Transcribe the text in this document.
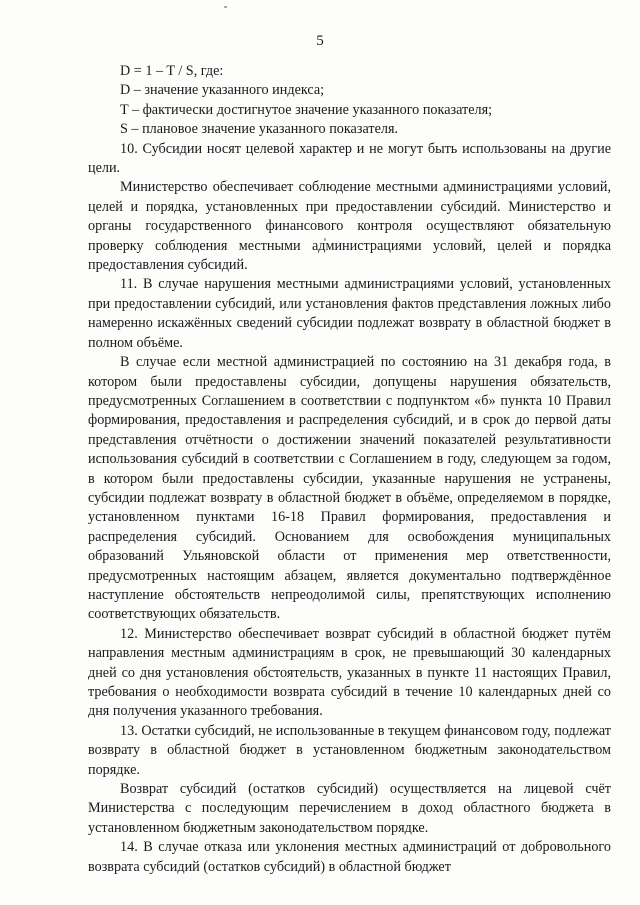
5

D = 1 – T / S, где:

D – значение указанного индекса;

T – фактически достигнутое значение указанного показателя;

S – плановое значение указанного показателя.

10. Субсидии носят целевой характер и не могут быть использованы на другие цели.

Министерство обеспечивает соблюдение местными администрациями условий, целей и порядка, установленных при предоставлении субсидий. Министерство и органы государственного финансового контроля осуществляют обязательную проверку соблюдения местными администрациями условий, целей и порядка предоставления субсидий.

11. В случае нарушения местными администрациями условий, установленных при предоставлении субсидий, или установления фактов представления ложных либо намеренно искажённых сведений субсидии подлежат возврату в областной бюджет в полном объёме.

В случае если местной администрацией по состоянию на 31 декабря года, в котором были предоставлены субсидии, допущены нарушения обязательств, предусмотренных Соглашением в соответствии с подпунктом «б» пункта 10 Правил формирования, предоставления и распределения субсидий, и в срок до первой даты представления отчётности о достижении значений показателей результативности использования субсидий в соответствии с Соглашением в году, следующем за годом, в котором были предоставлены субсидии, указанные нарушения не устранены, субсидии подлежат возврату в областной бюджет в объёме, определяемом в порядке, установленном пунктами 16-18 Правил формирования, предоставления и распределения субсидий. Основанием для освобождения муниципальных образований Ульяновской области от применения мер ответственности, предусмотренных настоящим абзацем, является документально подтверждённое наступление обстоятельств непреодолимой силы, препятствующих исполнению соответствующих обязательств.

12. Министерство обеспечивает возврат субсидий в областной бюджет путём направления местным администрациям в срок, не превышающий 30 календарных дней со дня установления обстоятельств, указанных в пункте 11 настоящих Правил, требования о необходимости возврата субсидий в течение 10 календарных дней со дня получения указанного требования.

13. Остатки субсидий, не использованные в текущем финансовом году, подлежат возврату в областной бюджет в установленном бюджетным законодательством порядке.

Возврат субсидий (остатков субсидий) осуществляется на лицевой счёт Министерства с последующим перечислением в доход областного бюджета в установленном бюджетным законодательством порядке.

14. В случае отказа или уклонения местных администраций от добровольного возврата субсидий (остатков субсидий) в областной бюджет
